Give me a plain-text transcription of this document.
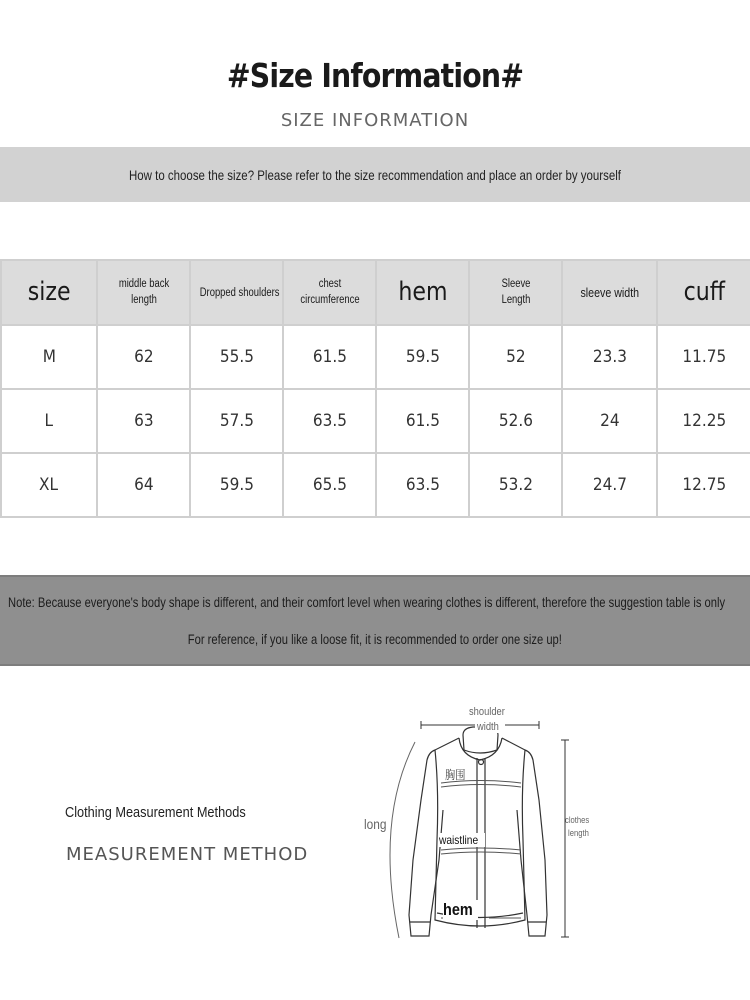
#Size Information#
SIZE INFORMATION
How to choose the size? Please refer to the size recommendation and place an order by yourself
size	middle back length	Dropped shoulders	chest circumference	hem	Sleeve Length	sleeve width	cuff
M	62	55.5	61.5	59.5	52	23.3	11.75
L	63	57.5	63.5	61.5	52.6	24	12.25
XL	64	59.5	65.5	63.5	53.2	24.7	12.75
Note: Because everyone's body shape is different, and their comfort level when wearing clothes is different, therefore the suggestion table is only
For reference, if you like a loose fit, it is recommended to order one size up!
Clothing Measurement Methods
MEASUREMENT METHOD
shoulder
width
胸围
long
waistline
hem
clothes
length
